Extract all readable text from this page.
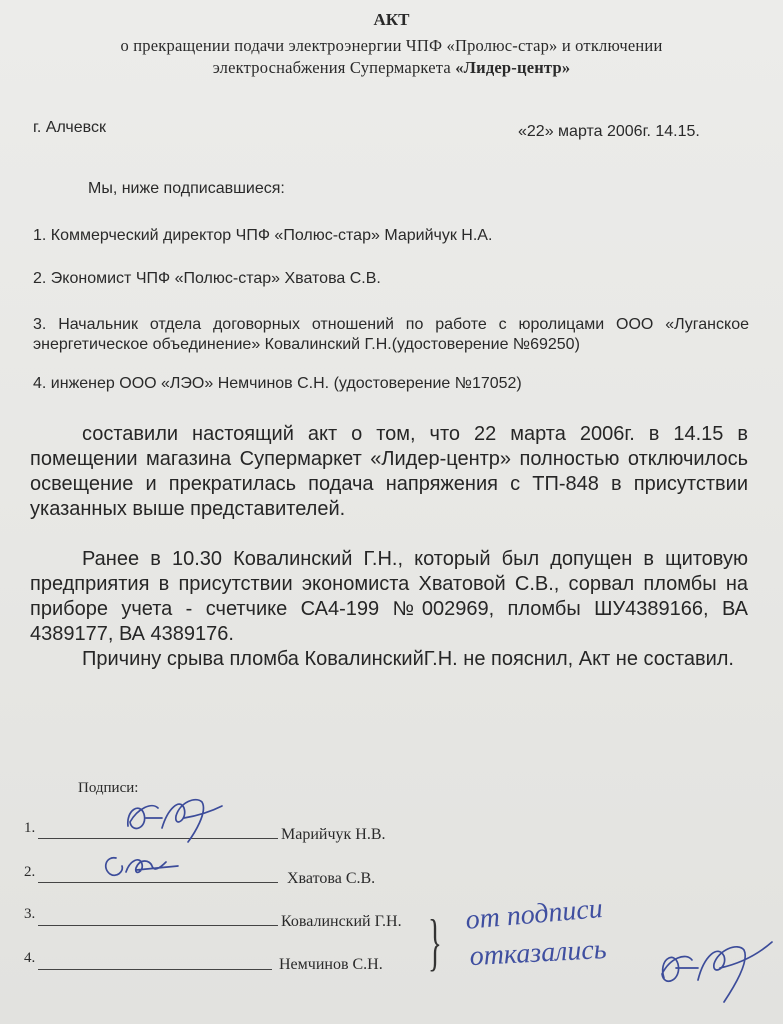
АКТ
о прекращении подачи электроэнергии ЧПФ «Пролюс-стар» и отключении
электроснабжения Супермаркета «Лидер-центр»
г. Алчевск	«22» марта 2006г. 14.15.
Мы, ниже подписавшиеся:
1. Коммерческий директор ЧПФ «Полюс-стар» Марийчук Н.А.
2. Экономист ЧПФ «Полюс-стар» Хватова С.В.
3. Начальник отдела договорных отношений по работе с юролицами ООО «Луганское энергетическое объединение» Ковалинский Г.Н.(удостоверение №69250)
4. инженер ООО «ЛЭО» Немчинов С.Н. (удостоверение №17052)
составили настоящий акт о том, что 22 марта 2006г. в 14.15 в помещении магазина Супермаркет «Лидер-центр» полностью отключилось освещение и прекратилась подача напряжения с ТП-848 в присутствии указанных выше представителей.
Ранее в 10.30 Ковалинский Г.Н., который был допущен в щитовую предприятия в присутствии экономиста Хватовой С.В., сорвал пломбы на приборе учета - счетчике СА4-199 №002969, пломбы ШУ4389166, ВА 4389177, ВА 4389176.
Причину срыва пломба КовалинскийГ.Н. не пояснил, Акт не составил.
Подписи:
1.	Марийчук Н.В.
2.	Хватова С.В.
3.	Ковалинский Г.Н.
4.	Немчинов С.Н. } от подписи
отказались
